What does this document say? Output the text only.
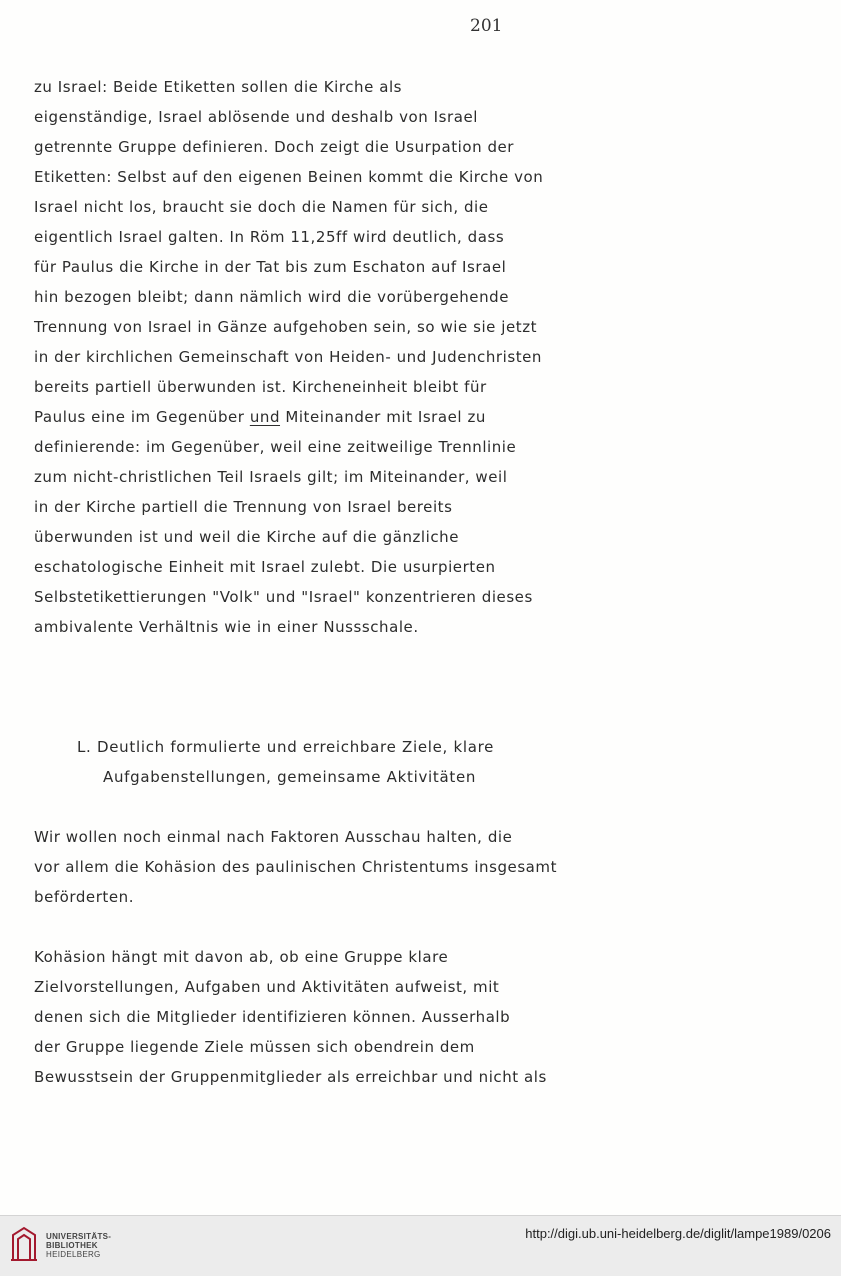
201
zu Israel: Beide Etiketten sollen die Kirche als
eigenständige, Israel ablösende und deshalb von Israel
getrennte Gruppe definieren. Doch zeigt die Usurpation der
Etiketten: Selbst auf den eigenen Beinen kommt die Kirche von
Israel nicht los, braucht sie doch die Namen für sich, die
eigentlich Israel galten. In Röm 11,25ff wird deutlich, dass
für Paulus die Kirche in der Tat bis zum Eschaton auf Israel
hin bezogen bleibt; dann nämlich wird die vorübergehende
Trennung von Israel in Gänze aufgehoben sein, so wie sie jetzt
in der kirchlichen Gemeinschaft von Heiden- und Judenchristen
bereits partiell überwunden ist. Kircheneinheit bleibt für
Paulus eine im Gegenüber und Miteinander mit Israel zu
definierende: im Gegenüber, weil eine zeitweilige Trennlinie
zum nicht-christlichen Teil Israels gilt; im Miteinander, weil
in der Kirche partiell die Trennung von Israel bereits
überwunden ist und weil die Kirche auf die gänzliche
eschatologische Einheit mit Israel zulebt. Die usurpierten
Selbstetikettierungen "Volk" und "Israel" konzentrieren dieses
ambivalente Verhältnis wie in einer Nussschale.
L. Deutlich formulierte und erreichbare Ziele, klare
Aufgabenstellungen, gemeinsame Aktivitäten
Wir wollen noch einmal nach Faktoren Ausschau halten, die
vor allem die Kohäsion des paulinischen Christentums insgesamt
beförderten.
Kohäsion hängt mit davon ab, ob eine Gruppe klare
Zielvorstellungen, Aufgaben und Aktivitäten aufweist, mit
denen sich die Mitglieder identifizieren können. Ausserhalb
der Gruppe liegende Ziele müssen sich obendrein dem
Bewusstsein der Gruppenmitglieder als erreichbar und nicht als
UNIVERSITÄTS-
BIBLIOTHEK
HEIDELBERG
http://digi.ub.uni-heidelberg.de/diglit/lampe1989/0206
